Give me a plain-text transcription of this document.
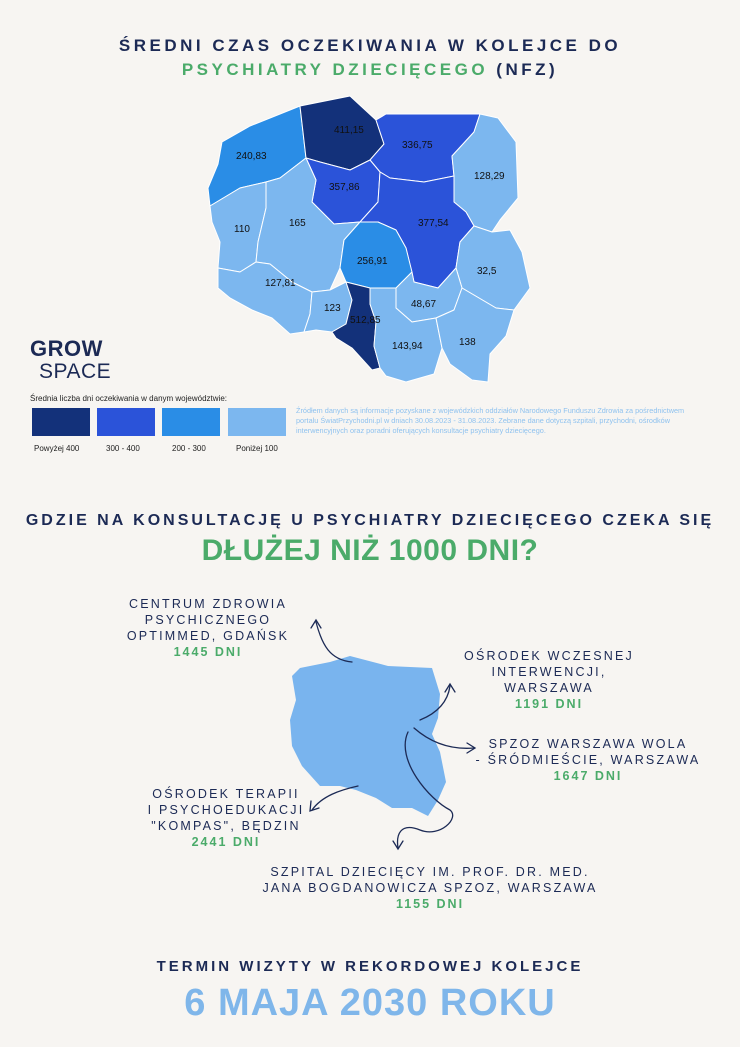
ŚREDNI CZAS OCZEKIWANIA W KOLEJCE DO
PSYCHIATRY DZIECIĘCEGO (NFZ)
411,15
240,83
336,75
128,29
357,86
377,54
110
165
256,91
127,81
32,5
123	48,67
512,85
143,94	138
GROW
SPACE
Średnia liczba dni oczekiwania w danym województwie:
Powyżej 400	300 - 400	200 - 300	Poniżej 100
Źródłem danych są informacje pozyskane z wojewódzkich oddziałów Narodowego Funduszu Zdrowia za pośrednictwem portalu ŚwiatPrzychodni.pl w dniach 30.08.2023 - 31.08.2023. Zebrane dane dotyczą szpitali, przychodni, ośrodków interwencyjnych oraz poradni oferujących konsultacje psychiatry dziecięcego.
GDZIE NA KONSULTACJĘ U PSYCHIATRY DZIECIĘCEGO CZEKA SIĘ
DŁUŻEJ NIŻ 1000 DNI?
CENTRUM ZDROWIA PSYCHICZNEGO
OPTIMMED, GDAŃSK
1445 DNI	OŚRODEK WCZESNEJ
INTERWENCJI, WARSZAWA
1191 DNI
SPZOZ WARSZAWA WOLA
- ŚRÓDMIEŚCIE, WARSZAWA
1647 DNI
OŚRODEK TERAPII
I PSYCHOEDUKACJI
"KOMPAS", BĘDZIN
2441 DNI
SZPITAL DZIECIĘCY IM. PROF. DR. MED.
JANA BOGDANOWICZA SPZOZ, WARSZAWA
1155 DNI
TERMIN WIZYTY W REKORDOWEJ KOLEJCE
6 MAJA 2030 ROKU
